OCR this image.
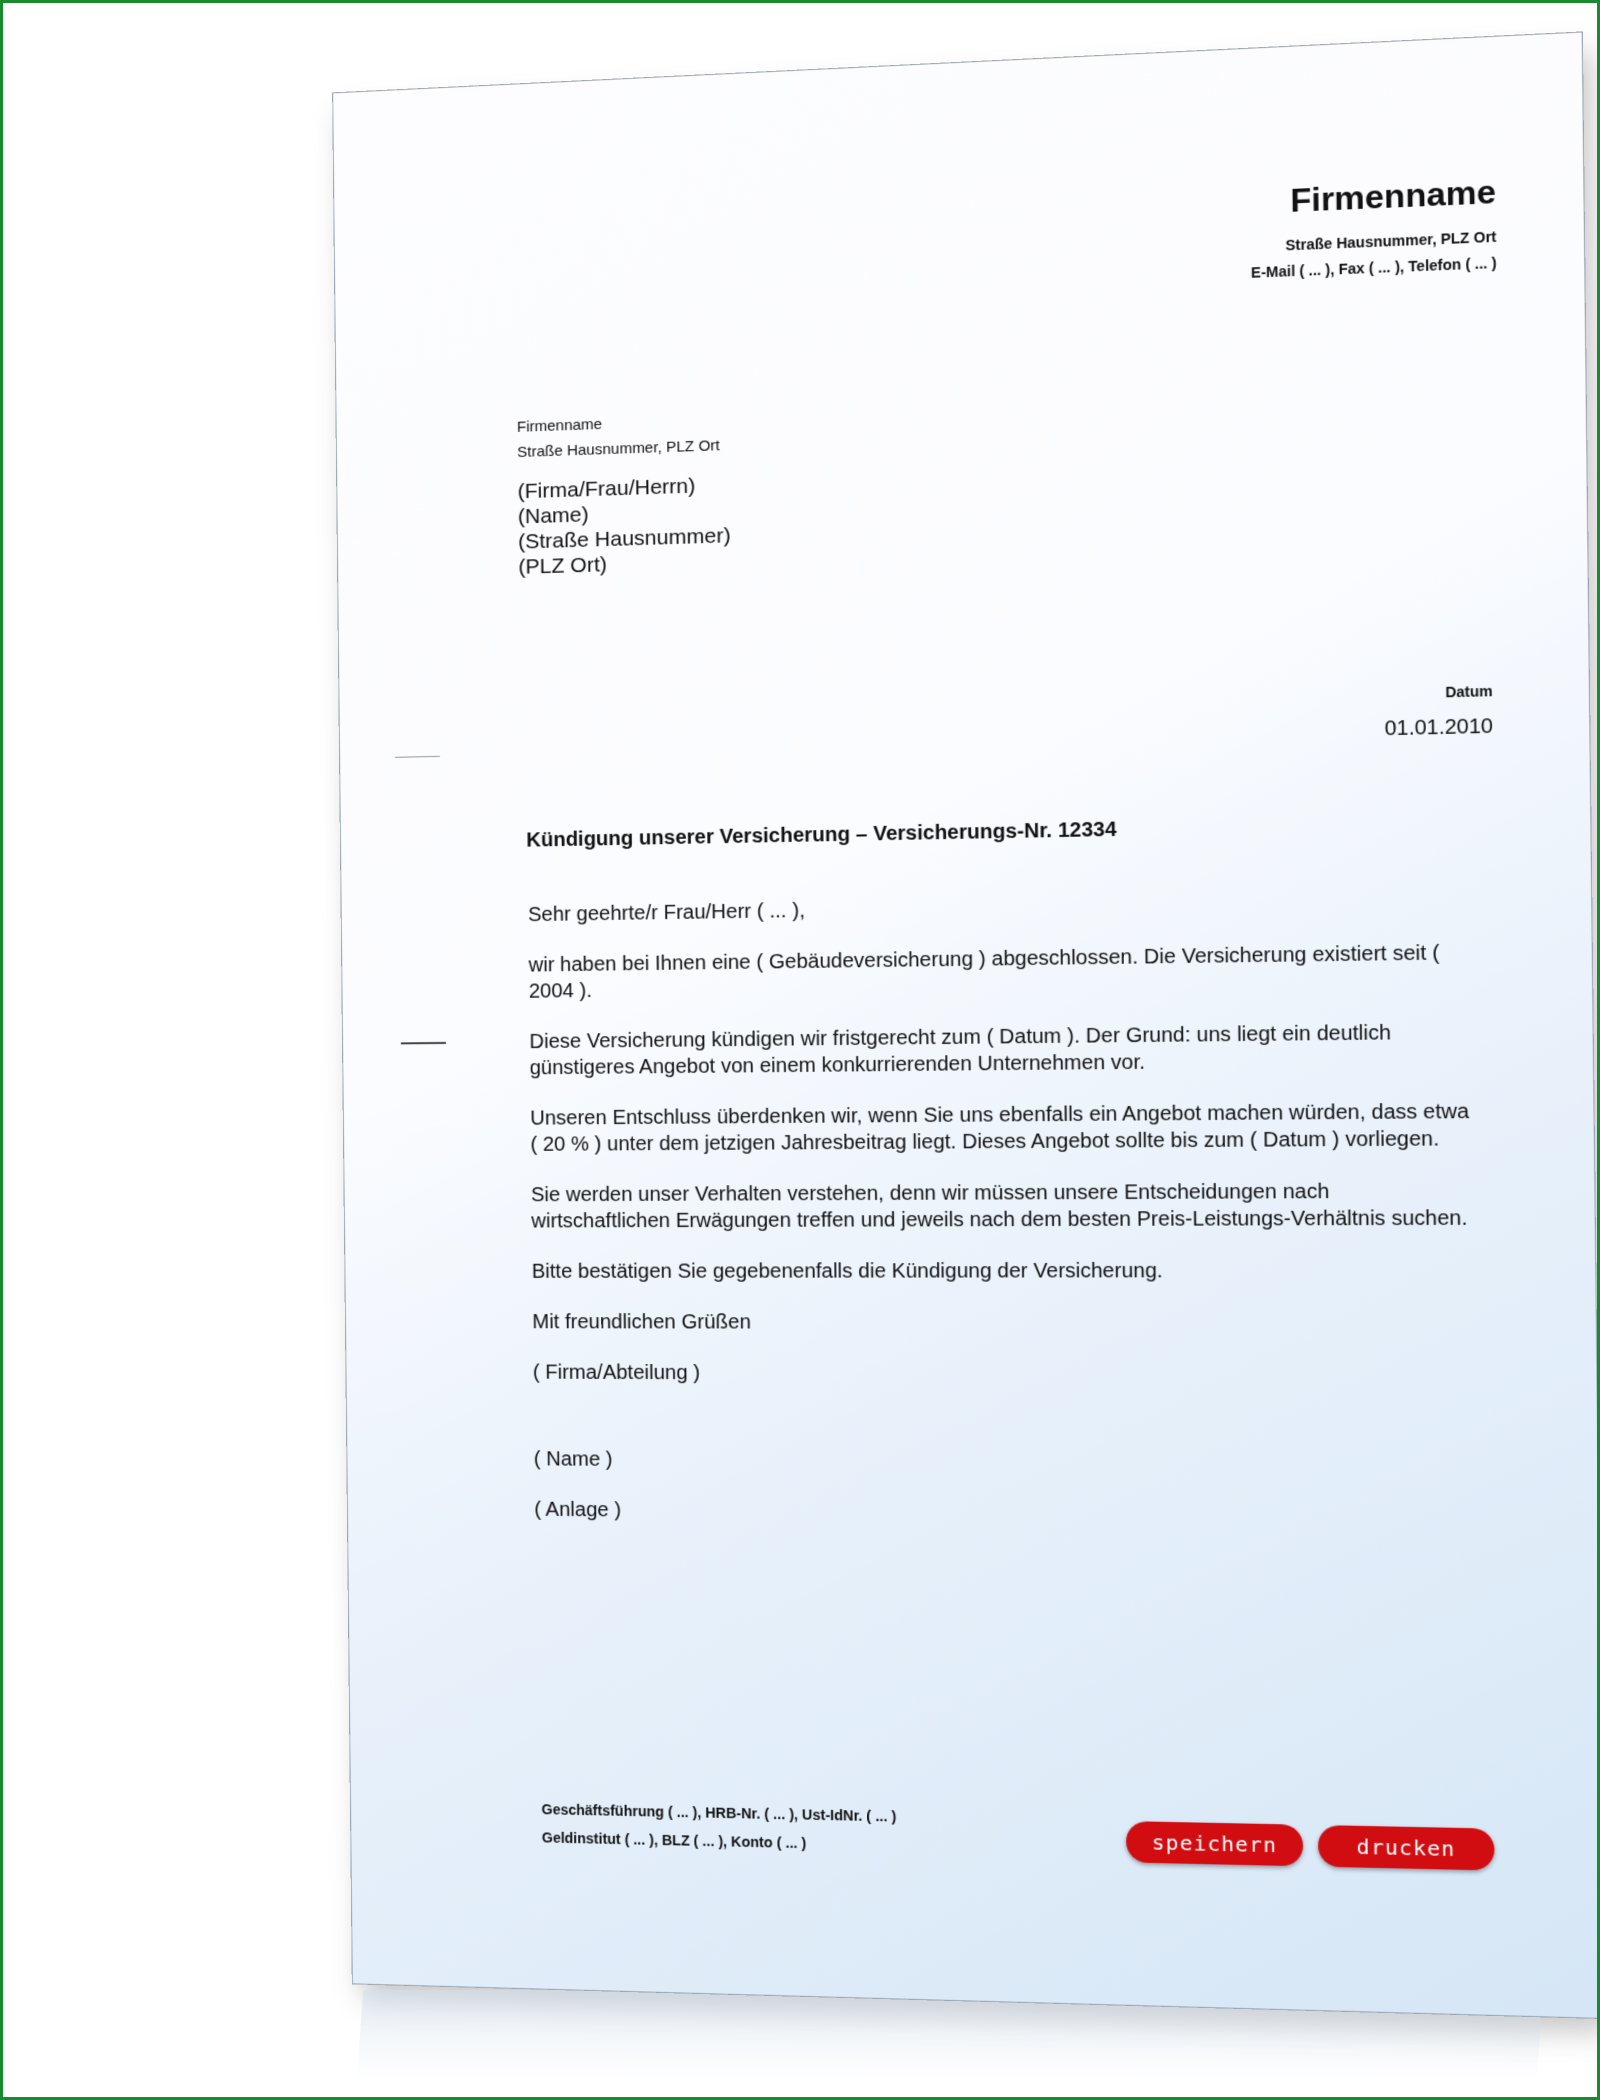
Firmenname
Straße Hausnummer, PLZ Ort
E-Mail ( ... ), Fax ( ... ), Telefon ( ... )
Firmenname
Straße Hausnummer, PLZ Ort
(Firma/Frau/Herrn)
(Name)
(Straße Hausnummer)
(PLZ Ort)
Datum
01.01.2010
Kündigung unserer Versicherung – Versicherungs-Nr. 12334

Sehr geehrte/r Frau/Herr ( ... ),

wir haben bei Ihnen eine ( Gebäudeversicherung ) abgeschlossen. Die Versicherung existiert seit ( 2004 ).

Diese Versicherung kündigen wir fristgerecht zum ( Datum ). Der Grund: uns liegt ein deutlich günstigeres Angebot von einem konkurrierenden Unternehmen vor.

Unseren Entschluss überdenken wir, wenn Sie uns ebenfalls ein Angebot machen würden, dass etwa ( 20 % ) unter dem jetzigen Jahresbeitrag liegt. Dieses Angebot sollte bis zum ( Datum ) vorliegen.

Sie werden unser Verhalten verstehen, denn wir müssen unsere Entscheidungen nach wirtschaftlichen Erwägungen treffen und jeweils nach dem besten Preis-Leistungs-Verhältnis suchen.

Bitte bestätigen Sie gegebenenfalls die Kündigung der Versicherung.

Mit freundlichen Grüßen

( Firma/Abteilung )

( Name )

( Anlage )

Geschäftsführung ( ... ), HRB-Nr. ( ... ), Ust-IdNr. ( ... )
Geldinstitut ( ... ), BLZ ( ... ), Konto ( ... )	speichern	drucken
